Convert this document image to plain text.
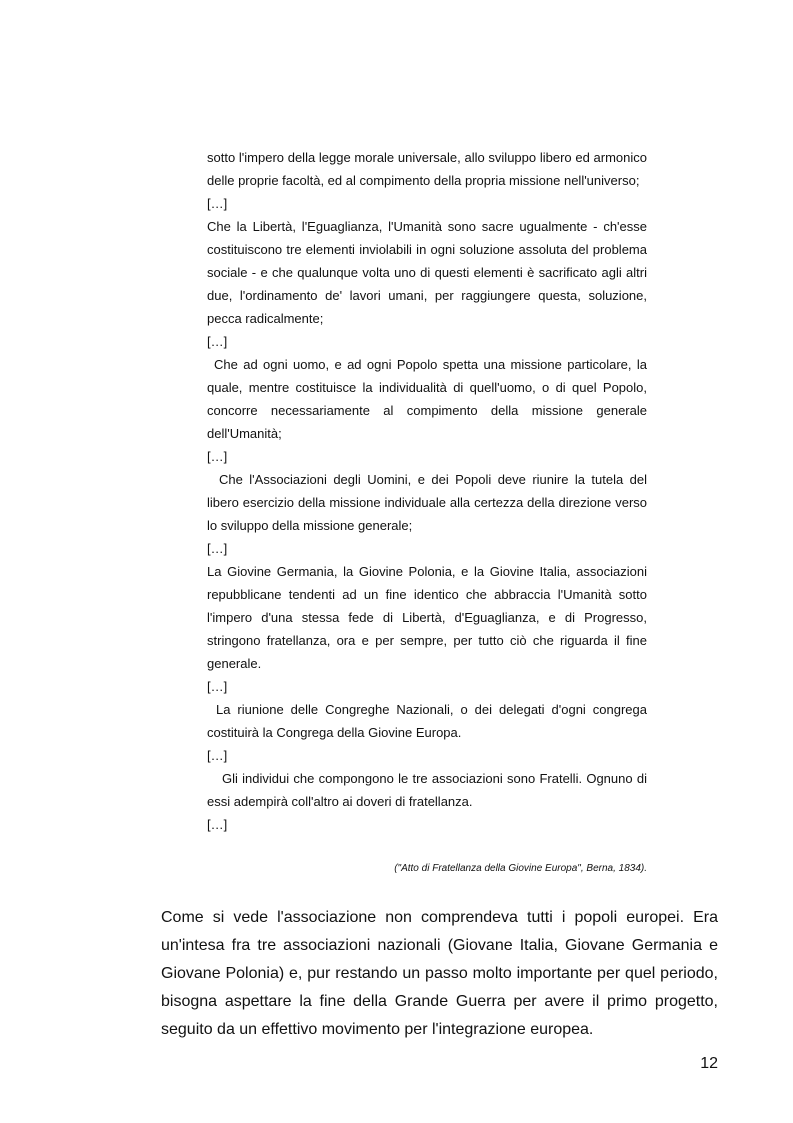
sotto l'impero della legge morale universale, allo sviluppo libero ed armonico delle proprie facoltà, ed al compimento della propria missione nell'universo;

[…]

Che la Libertà, l'Eguaglianza, l'Umanità sono sacre ugualmente - ch'esse costituiscono tre elementi inviolabili in ogni soluzione assoluta del problema sociale - e che qualunque volta uno di questi elementi è sacrificato agli altri due, l'ordinamento de' lavori umani, per raggiungere questa, soluzione, pecca radicalmente;

[…]

Che ad ogni uomo, e ad ogni Popolo spetta una missione particolare, la quale, mentre costituisce la individualità di quell'uomo, o di quel Popolo, concorre necessariamente al compimento della missione generale dell'Umanità;

[…]

Che l'Associazioni degli Uomini, e dei Popoli deve riunire la tutela del libero esercizio della missione individuale alla certezza della direzione verso lo sviluppo della missione generale;

[…]

La Giovine Germania, la Giovine Polonia, e la Giovine Italia, associazioni repubblicane tendenti ad un fine identico che abbraccia l'Umanità sotto l'impero d'una stessa fede di Libertà, d'Eguaglianza, e di Progresso, stringono fratellanza, ora e per sempre, per tutto ciò che riguarda il fine generale.

[…]

La riunione delle Congreghe Nazionali, o dei delegati d'ogni congrega costituirà la Congrega della Giovine Europa.

[…]

Gli individui che compongono le tre associazioni sono Fratelli. Ognuno di essi adempirà coll'altro ai doveri di fratellanza.

[…]

("Atto di Fratellanza della Giovine Europa", Berna, 1834).

Come si vede l'associazione non comprendeva tutti i popoli europei. Era un'intesa fra tre associazioni nazionali (Giovane Italia, Giovane Germania e Giovane Polonia) e, pur restando un passo molto importante per quel periodo, bisogna aspettare la fine della Grande Guerra per avere il primo progetto, seguito da un effettivo movimento per l'integrazione europea.

12
